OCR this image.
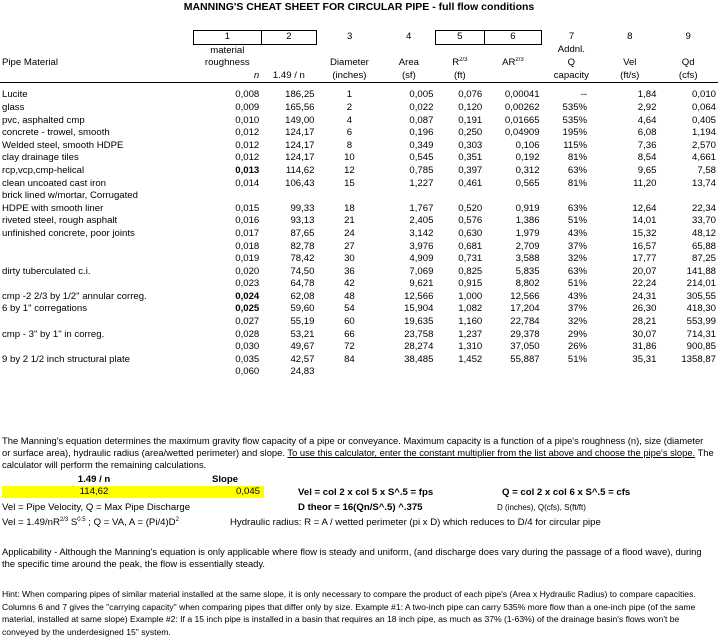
MANNING'S CHEAT SHEET FOR CIRCULAR PIPE - full flow conditions
	1	2	3	4	5	6	7	8	9
	material						Addnl.		
Pipe Material	roughness		Diameter	Area	$R^{2/3}$	$AR^{2/3}$	Q	Vel	Qd
	n	1.49 / n	(inches)	(sf)	(ft)		capacity	(ft/s)	(cfs)

Lucite	0,008	186,25	1	0,005	0,076	0,00041	--	1,84	0,010
glass	0,009	165,56	2	0,022	0,120	0,00262	535%	2,92	0,064
pvc, asphalted cmp	0,010	149,00	4	0,087	0,191	0,01665	535%	4,64	0,405
concrete - trowel, smooth	0,012	124,17	6	0,196	0,250	0,04909	195%	6,08	1,194
Welded steel, smooth HDPE	0,012	124,17	8	0,349	0,303	0,106	115%	7,36	2,570
clay drainage tiles	0,012	124,17	10	0,545	0,351	0,192	81%	8,54	4,661
rcp,vcp,cmp-helical	0,013	114,62	12	0,785	0,397	0,312	63%	9,65	7,58
clean uncoated cast iron	0,014	106,43	15	1,227	0,461	0,565	81%	11,20	13,74
brick lined w/mortar, Corrugated									
HDPE with smooth liner	0,015	99,33	18	1,767	0,520	0,919	63%	12,64	22,34
riveted steel, rough asphalt	0,016	93,13	21	2,405	0,576	1,386	51%	14,01	33,70
unfinished concrete, poor joints	0,017	87,65	24	3,142	0,630	1,979	43%	15,32	48,12
	0,018	82,78	27	3,976	0,681	2,709	37%	16,57	65,88
	0,019	78,42	30	4,909	0,731	3,588	32%	17,77	87,25
dirty tuberculated c.i.	0,020	74,50	36	7,069	0,825	5,835	63%	20,07	141,88
	0,023	64,78	42	9,621	0,915	8,802	51%	22,24	214,01
cmp -2 2/3 by 1/2" annular correg.	0,024	62,08	48	12,566	1,000	12,566	43%	24,31	305,55
6 by 1" corregations	0,025	59,60	54	15,904	1,082	17,204	37%	26,30	418,30
	0,027	55,19	60	19,635	1,160	22,784	32%	28,21	553,99
cmp - 3" by 1" in correg.	0,028	53,21	66	23,758	1,237	29,378	29%	30,07	714,31
	0,030	49,67	72	28,274	1,310	37,050	26%	31,86	900,85
9 by 2 1/2 inch structural plate	0,035	42,57	84	38,485	1,452	55,887	51%	35,31	1358,87
	0,060	24,83							
The Manning's equation determines the maximum gravity flow capacity of a pipe or conveyance. Maximum capacity is a function of a pipe's roughness (n), size (diameter or surface area), hydraulic radius (area/wetted perimeter) and slope. To use this calculator, enter the constant multiplier from the list above and choose the pipe's slope. The calculator will perform the remaining calculations.
1.49 / n	Slope
114,62	0,045	Vel = col 2 x col 5 x S^.5 = fps	Q = col 2 x col 6 x S^.5 = cfs
Vel = Pipe Velocity, Q = Max Pipe Discharge	D theor = 16(Qn/S^.5) ^.375	D (inches), Q(cfs), S(ft/ft)
Vel = $1.49/nR^{2/3}$ $S^{0.5}$ ; Q = VA, $A = (Pi/4)D^2$	Hydraulic radius: R = A / wetted perimeter (pi x D) which reduces to D/4 for circular pipe
Applicability - Although the Manning's equation is only applicable where flow is steady and uniform, (and discharge does vary during the passage of a flood wave), during the specific time around the peak, the flow is essentially steady.
Hint: When comparing pipes of similar material installed at the same slope, it is only necessary to compare the product of each pipe's (Area x Hydraulic Radius) to compare capacities. Columns 6 and 7 gives the "carrying capacity" when comparing pipes that differ only by size. Example #1: A two-inch pipe can carry 535% more flow than a one-inch pipe (of the same material, installed at same slope) Example #2: If a 15 inch pipe is installed in a basin that requires an 18 inch pipe, as much as 37% (1-63%) of the drainage basin's flows won't be conveyed by the underdesigned 15" system.
